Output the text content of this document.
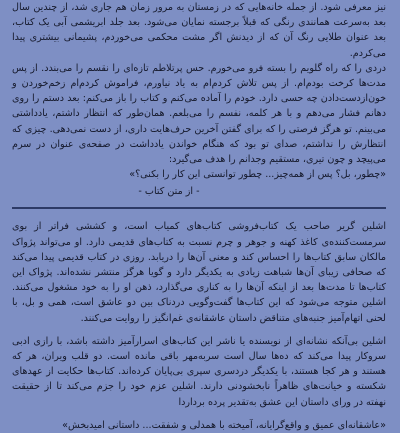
نیز معرفی شود. از جمله خانه‌هایی که در زمستان به مرور زمان هم جاری شد، از چندین سال بعد به‌سرعت همانندی رنگی که قبلاً برجسته نمایان می‌شود. بعد جلد ابریشمی آبی یک کتاب، بعد عنوان طلایی رنگ آن که از دیدنش اگر مشت محکمی می‌خوردم، پشیمانی بیشتری پیدا می‌کردم.

دردی را که راه گلویم را بسته فرو می‌خورم. حس پرتلاطم تازه‌ای را نقسم را می‌بندد. از پس مدت‌ها کرخت بودم‌ام. از پس تلاش کردم‌ام به یاد نیاورم، فراموش کردم‌ام زخم‌خوردن و خون‌ازدست‌دادن چه حسی دارد. خودم را آماده می‌کنم و کتاب را باز می‌کنم: بعد دستم را روی دهانم فشار می‌دهم و با هر کلمه، نفسم را می‌بلعم. همان‌طور که انتظار داشتم، یادداشتی می‌بینم. تو هرگز فرصتی را که برای گفتن آخرین حرف‌هایت داری، از دست نمی‌دهی. چیزی که انتظارش را نداشتم، صدای تو بود که هنگام خواندن یادداشت در صفحه‌ی عنوان در سرم می‌پیچد و چون تیری، مستقیم وجدانم را هدف می‌گیرد:

«چطور، بل؟ پس از همه‌چیز... چطور توانستی این کار را بکنی؟»
- از متن کتاب -

اشلین گریر صاحب یک کتاب‌فروشی کتاب‌های کمیاب است، و کششی فراتر از بوی سرمست‌کننده‌ی کاغذ کهنه و جوهر و چرم نسبت به کتاب‌های قدیمی دارد. او می‌تواند پژواک مالکان سابق کتاب‌ها را احساس کند و معنی آن‌ها را دریابد. روزی در کتاب قدیمی پیدا می‌کند که صحافی زیبای آن‌ها شباهت زیادی به یکدیگر دارد و گویا هرگز منتشر نشده‌اند. پژواک این کتاب‌ها تا مدت‌ها بعد از اینکه آن‌ها را به کناری می‌گذارد، ذهن او را به خود مشغول می‌کنند. اشلین متوجه می‌شود که این کتاب‌ها گفت‌وگویی دردناک بین دو عاشق است، همی و بل، با لحنی اتهام‌آمیز جنبه‌های متناقض داستان عاشقانه‌ی غم‌انگیز را روایت می‌کنند.

اشلین بی‌آنکه نشانه‌ای از نویسنده یا ناشر این کتاب‌های اسرارآمیز داشته باشد، با رازی ادبی سروکار پیدا می‌کند که ده‌ها سال است سربه‌مهر باقی مانده است. دو قلب ویران، هر که هستند و هر کجا هستند، با یکدیگر دردسری سپری بی‌پایان کرده‌اند. کتاب‌ها حکایت از عهدهای شکسته و خیانت‌های ظاهراً نابخشودنی دارند. اشلین عزم خود را جزم می‌کند تا از حقیقت نهفته در ورای داستان این عشق به‌تقدیر پرده برداردا

«عاشقانه‌ای عمیق و واقع‌گرایانه، آمیخته با همدلی و شفقت... داستانی امیدبخش»
